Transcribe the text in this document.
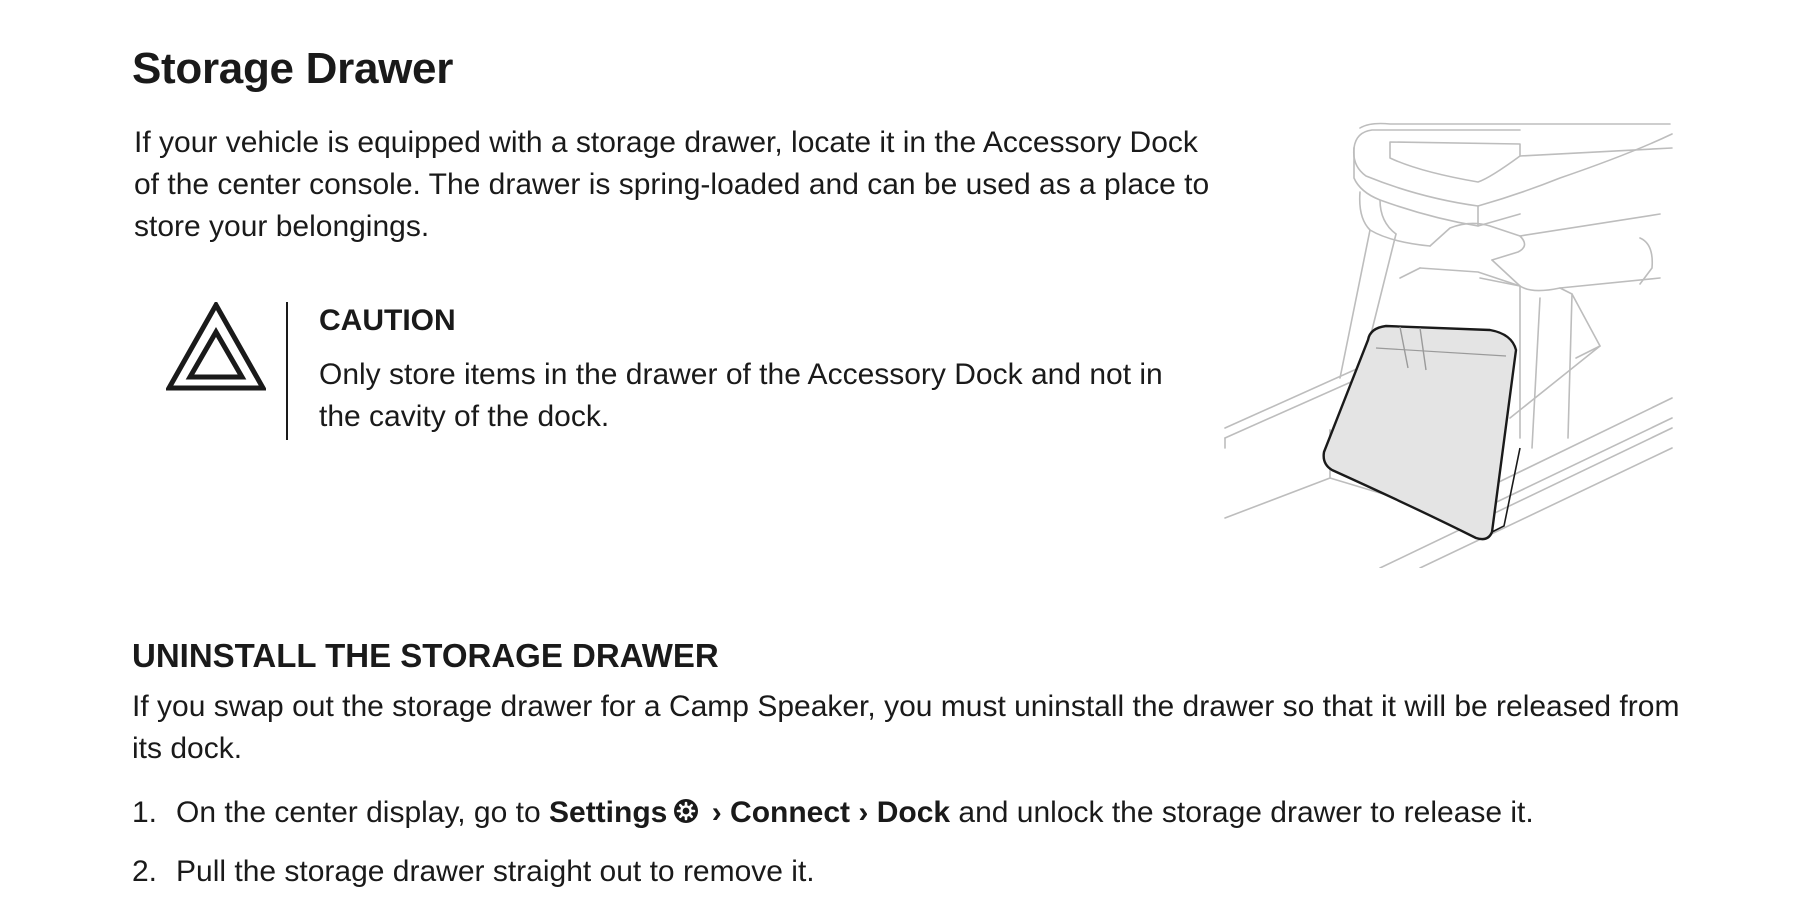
Storage Drawer

If your vehicle is equipped with a storage drawer, locate it in the Accessory Dock of the center console. The drawer is spring-loaded and can be used as a place to store your belongings.

CAUTION

Only store items in the drawer of the Accessory Dock and not in the cavity of the dock.

UNINSTALL THE STORAGE DRAWER

If you swap out the storage drawer for a Camp Speaker, you must uninstall the drawer so that it will be released from its dock.

1. On the center display, go to Settings › Connect › Dock and unlock the storage drawer to release it.
2. Pull the storage drawer straight out to remove it.
